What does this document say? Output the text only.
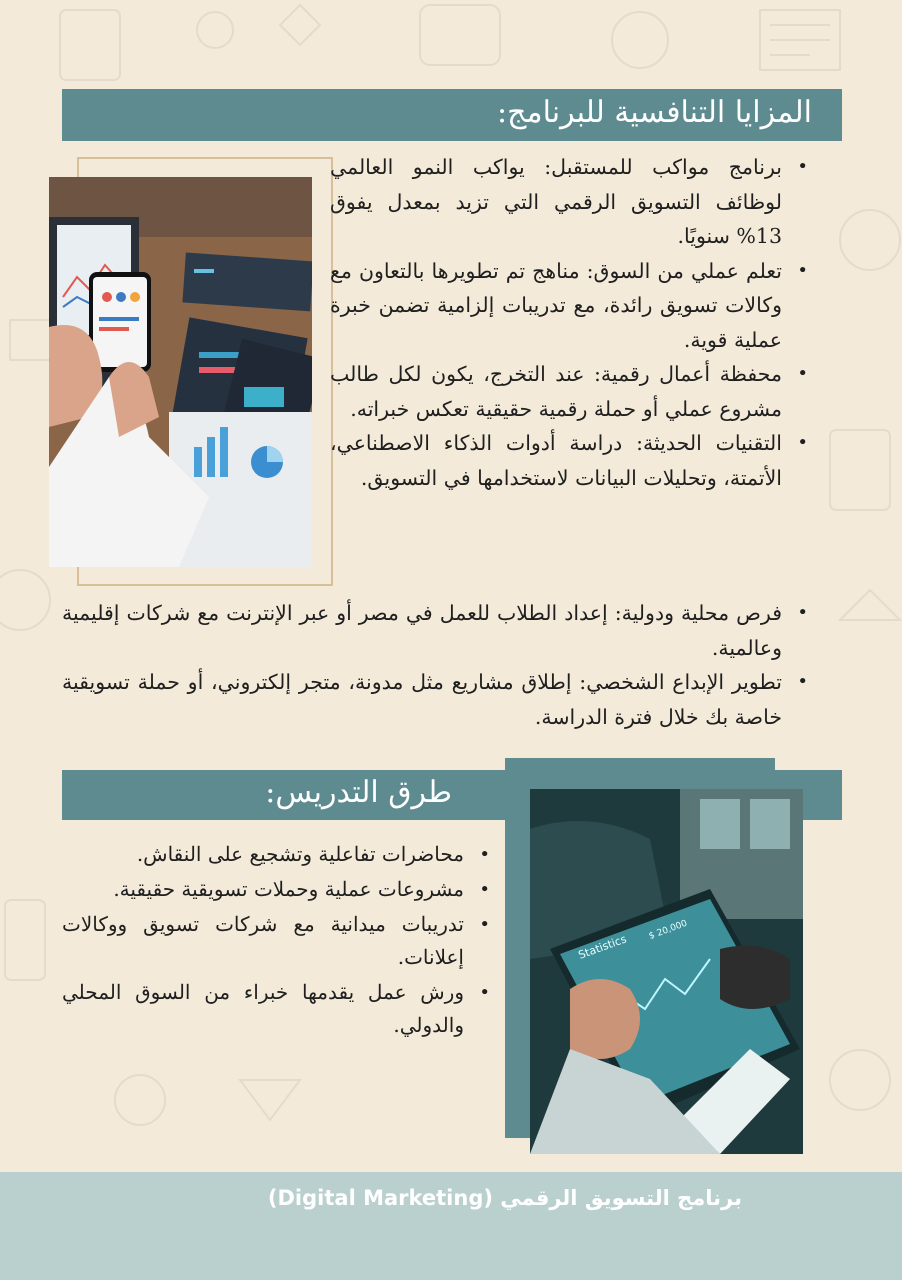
المزايا التنافسية للبرنامج:
•
برنامج مواكب للمستقبل: يواكب النمو العالمي لوظائف التسويق الرقمي التي تزيد بمعدل يفوق 13% سنويًا.
•
تعلم عملي من السوق: مناهج تم تطويرها بالتعاون مع وكالات تسويق رائدة، مع تدريبات إلزامية تضمن خبرة عملية قوية.
•
محفظة أعمال رقمية: عند التخرج، يكون لكل طالب مشروع عملي أو حملة رقمية حقيقية تعكس خبراته.
•
التقنيات الحديثة: دراسة أدوات الذكاء الاصطناعي، الأتمتة، وتحليلات البيانات لاستخدامها في التسويق.
•
فرص محلية ودولية: إعداد الطلاب للعمل في مصر أو عبر الإنترنت مع شركات إقليمية وعالمية.
•
تطوير الإبداع الشخصي: إطلاق مشاريع مثل مدونة، متجر إلكتروني، أو حملة تسويقية خاصة بك خلال فترة الدراسة.
طرق التدريس:
Statistics
$ 20,000
•
محاضرات تفاعلية وتشجيع على النقاش.
•
مشروعات عملية وحملات تسويقية حقيقية.
•
تدريبات ميدانية مع شركات تسويق ووكالات إعلانات.
•
ورش عمل يقدمها خبراء من السوق المحلي والدولي.
برنامج التسويق الرقمي (Digital Marketing)
